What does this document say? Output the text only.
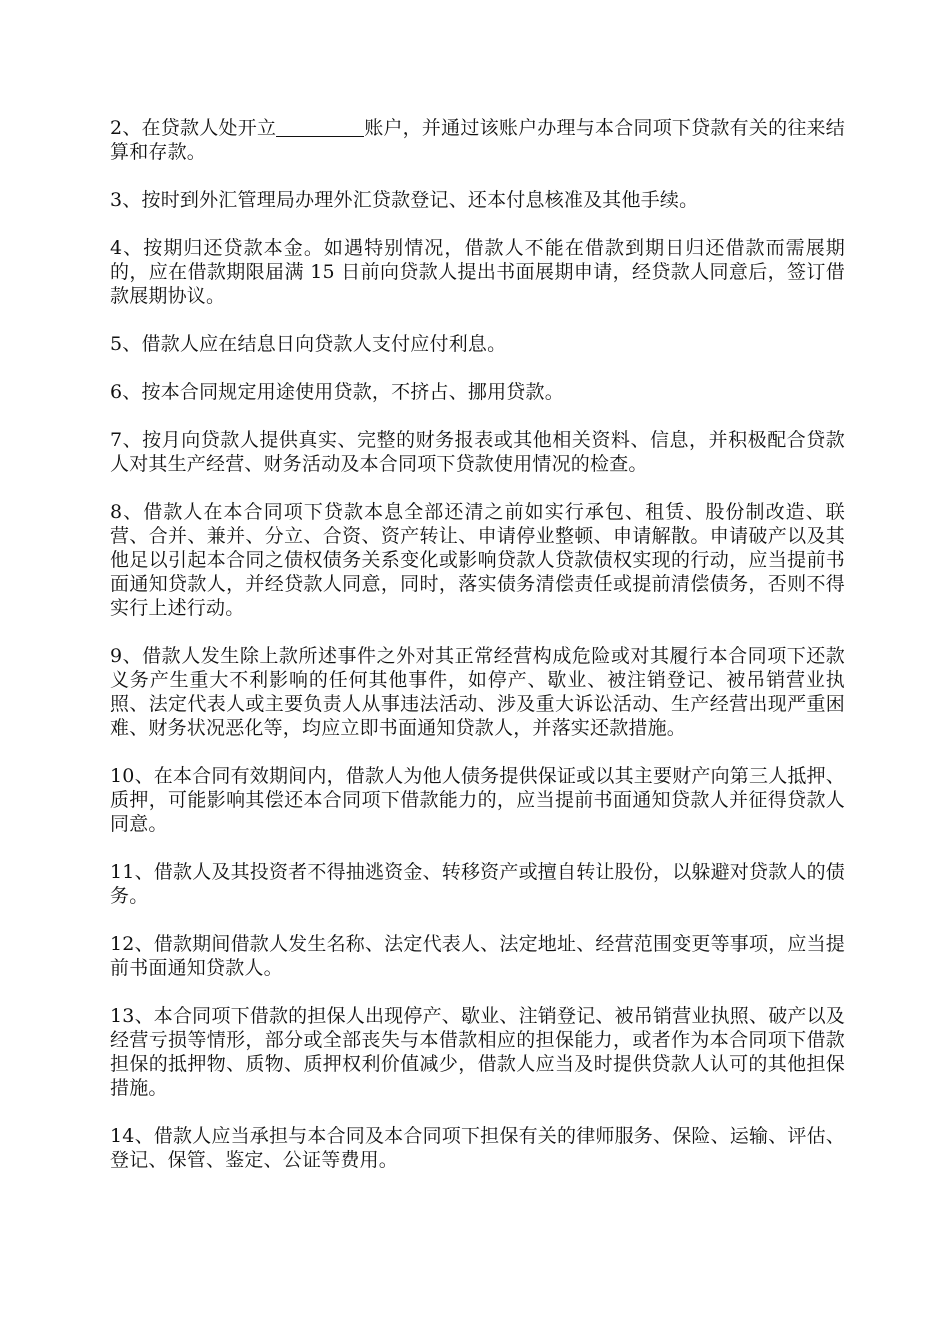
2、在贷款人处开立	账户，并通过该账户办理与本合同项下贷款有关的往来结算和存款。

3、按时到外汇管理局办理外汇贷款登记、还本付息核准及其他手续。

4、按期归还贷款本金。如遇特别情况，借款人不能在借款到期日归还借款而需展期的，应在借款期限届满 15 日前向贷款人提出书面展期申请，经贷款人同意后，签订借款展期协议。

5、借款人应在结息日向贷款人支付应付利息。

6、按本合同规定用途使用贷款，不挤占、挪用贷款。

7、按月向贷款人提供真实、完整的财务报表或其他相关资料、信息，并积极配合贷款人对其生产经营、财务活动及本合同项下贷款使用情况的检查。

8、借款人在本合同项下贷款本息全部还清之前如实行承包、租赁、股份制改造、联营、合并、兼并、分立、合资、资产转让、申请停业整顿、申请解散。申请破产以及其他足以引起本合同之债权债务关系变化或影响贷款人贷款债权实现的行动，应当提前书面通知贷款人，并经贷款人同意，同时，落实债务清偿责任或提前清偿债务，否则不得实行上述行动。

9、借款人发生除上款所述事件之外对其正常经营构成危险或对其履行本合同项下还款义务产生重大不利影响的任何其他事件，如停产、歇业、被注销登记、被吊销营业执照、法定代表人或主要负责人从事违法活动、涉及重大诉讼活动、生产经营出现严重困难、财务状况恶化等，均应立即书面通知贷款人，并落实还款措施。

10、在本合同有效期间内，借款人为他人债务提供保证或以其主要财产向第三人抵押、质押，可能影响其偿还本合同项下借款能力的，应当提前书面通知贷款人并征得贷款人同意。

11、借款人及其投资者不得抽逃资金、转移资产或擅自转让股份，以躲避对贷款人的债务。

12、借款期间借款人发生名称、法定代表人、法定地址、经营范围变更等事项，应当提前书面通知贷款人。

13、本合同项下借款的担保人出现停产、歇业、注销登记、被吊销营业执照、破产以及经营亏损等情形，部分或全部丧失与本借款相应的担保能力，或者作为本合同项下借款担保的抵押物、质物、质押权利价值减少，借款人应当及时提供贷款人认可的其他担保措施。

14、借款人应当承担与本合同及本合同项下担保有关的律师服务、保险、运输、评估、登记、保管、鉴定、公证等费用。
